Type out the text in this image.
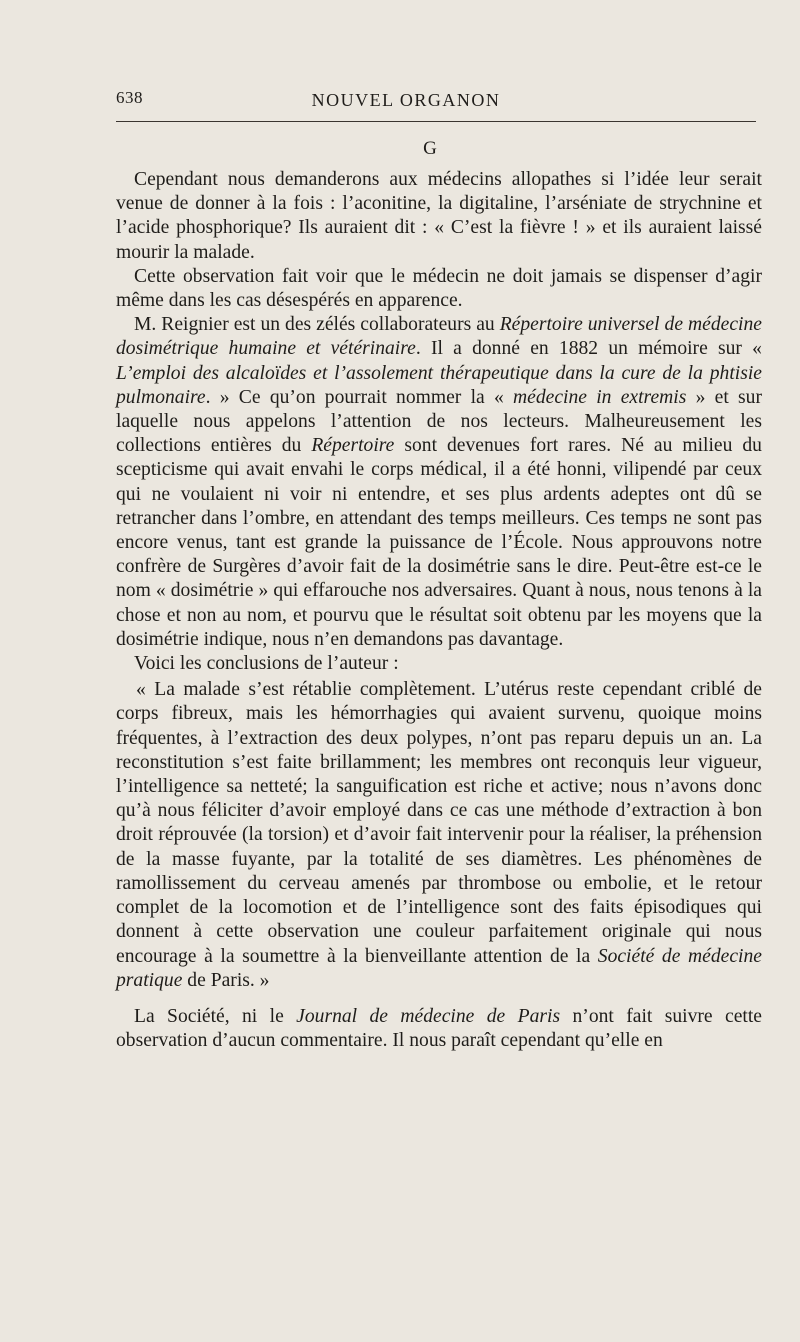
638	NOUVEL ORGANON
G

Cependant nous demanderons aux médecins allopathes si l’idée leur serait venue de donner à la fois : l’aconitine, la digitaline, l’arséniate de strychnine et l’acide phosphorique? Ils auraient dit : « C’est la fièvre ! » et ils auraient laissé mourir la malade.

Cette observation fait voir que le médecin ne doit jamais se dispenser d’agir même dans les cas désespérés en apparence.

M. Reignier est un des zélés collaborateurs au Répertoire universel de médecine dosimétrique humaine et vétérinaire. Il a donné en 1882 un mémoire sur « L’emploi des alcaloïdes et l’assolement thérapeutique dans la cure de la phtisie pulmonaire. » Ce qu’on pourrait nommer la « médecine in extremis » et sur laquelle nous appelons l’attention de nos lecteurs. Malheureusement les collections entières du Répertoire sont devenues fort rares. Né au milieu du scepticisme qui avait envahi le corps médical, il a été honni, vilipendé par ceux qui ne voulaient ni voir ni entendre, et ses plus ardents adeptes ont dû se retrancher dans l’ombre, en attendant des temps meilleurs. Ces temps ne sont pas encore venus, tant est grande la puissance de l’École. Nous approuvons notre confrère de Surgères d’avoir fait de la dosimétrie sans le dire. Peut-être est-ce le nom « dosimétrie » qui effarouche nos adversaires. Quant à nous, nous tenons à la chose et non au nom, et pourvu que le résultat soit obtenu par les moyens que la dosimétrie indique, nous n’en demandons pas davantage.

Voici les conclusions de l’auteur :

« La malade s’est rétablie complètement. L’utérus reste cependant criblé de corps fibreux, mais les hémorrhagies qui avaient survenu, quoique moins fréquentes, à l’extraction des deux polypes, n’ont pas reparu depuis un an. La reconstitution s’est faite brillamment; les membres ont reconquis leur vigueur, l’intelligence sa netteté; la sanguification est riche et active; nous n’avons donc qu’à nous féliciter d’avoir employé dans ce cas une méthode d’extraction à bon droit réprouvée (la torsion) et d’avoir fait intervenir pour la réaliser, la préhension de la masse fuyante, par la totalité de ses diamètres. Les phénomènes de ramollissement du cerveau amenés par thrombose ou embolie, et le retour complet de la locomotion et de l’intelligence sont des faits épisodiques qui donnent à cette observation une couleur parfaitement originale qui nous encourage à la soumettre à la bienveillante attention de la Société de médecine pratique de Paris. »

La Société, ni le Journal de médecine de Paris n’ont fait suivre cette observation d’aucun commentaire. Il nous paraît cependant qu’elle en
